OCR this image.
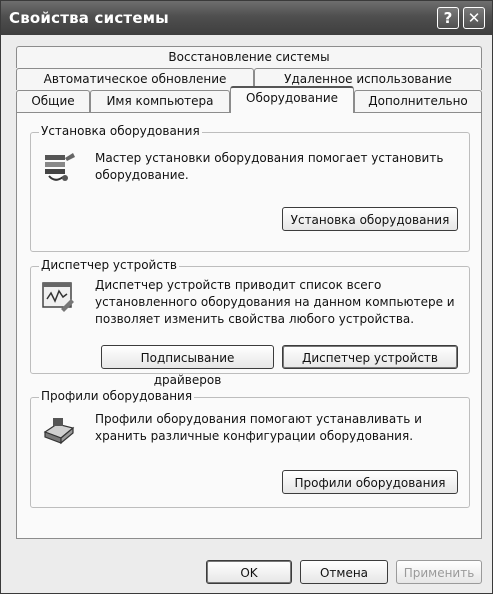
Свойства системы	?	✕
Восстановление системы
Автоматическое обновление	Удаленное использование
Общие	Имя компьютера	Оборудование	Дополнительно
Установка оборудования
Мастер установки оборудования помогает установить оборудование.
Установка оборудования
Диспетчер устройств
Диспетчер устройств приводит список всего установленного оборудования на данном компьютере и позволяет изменить свойства любого устройства.
Подписывание драйверов
Диспетчер устройств
Профили оборудования
Профили оборудования помогают устанавливать и хранить различные конфигурации оборудования.
Профили оборудования
OK	Отмена	Применить
